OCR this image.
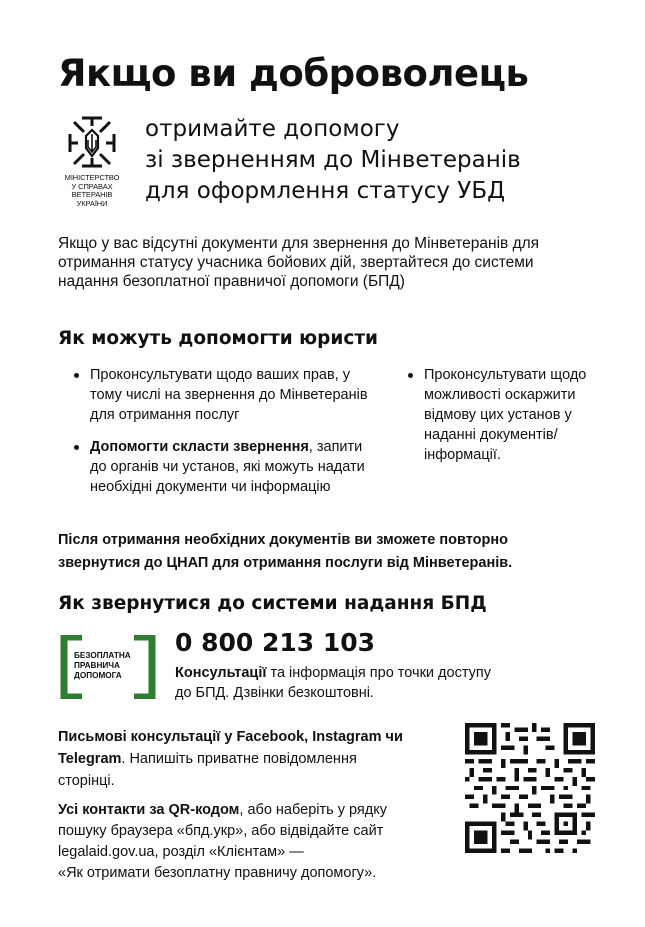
Якщо ви доброволець
МІНІСТЕРСТВО
У СПРАВАХ
ВЕТЕРАНІВ
УКРАЇНИ
отримайте допомогу
зі зверненням до Мінветеранів
для оформлення статусу УБД

Якщо у вас відсутні документи для звернення до Мінветеранів для отримання статусу учасника бойових дій, звертайтеся до системи надання безоплатної правничої допомоги (БПД)

Як можуть допомогти юристи
Проконсультувати щодо ваших прав, у тому числі на звернення до Мінветеранів для отримання послуг
Допомогти скласти звернення, запити до органів чи установ, які можуть надати необхідні документи чи інформацію
Проконсультувати щодо можливості оскаржити відмову цих установ у наданні документів/інформації.

Після отримання необхідних документів ви зможете повторно звернутися до ЦНАП для отримання послуги від Мінветеранів.

Як звернутися до системи надання БПД
БЕЗОПЛАТНА ПРАВНИЧА ДОПОМОГА
0 800 213 103

Консультації та інформація про точки доступу до БПД. Дзвінки безкоштовні.

Письмові консультації у Facebook, Instagram чи Telegram. Напишіть приватне повідомлення сторінці.

Усі контакти за QR-кодом, або наберіть у рядку пошуку браузера «бпд.укр», або відвідайте сайт legalaid.gov.ua, розділ «Клієнтам» —
«Як отримати безоплатну правничу допомогу».
